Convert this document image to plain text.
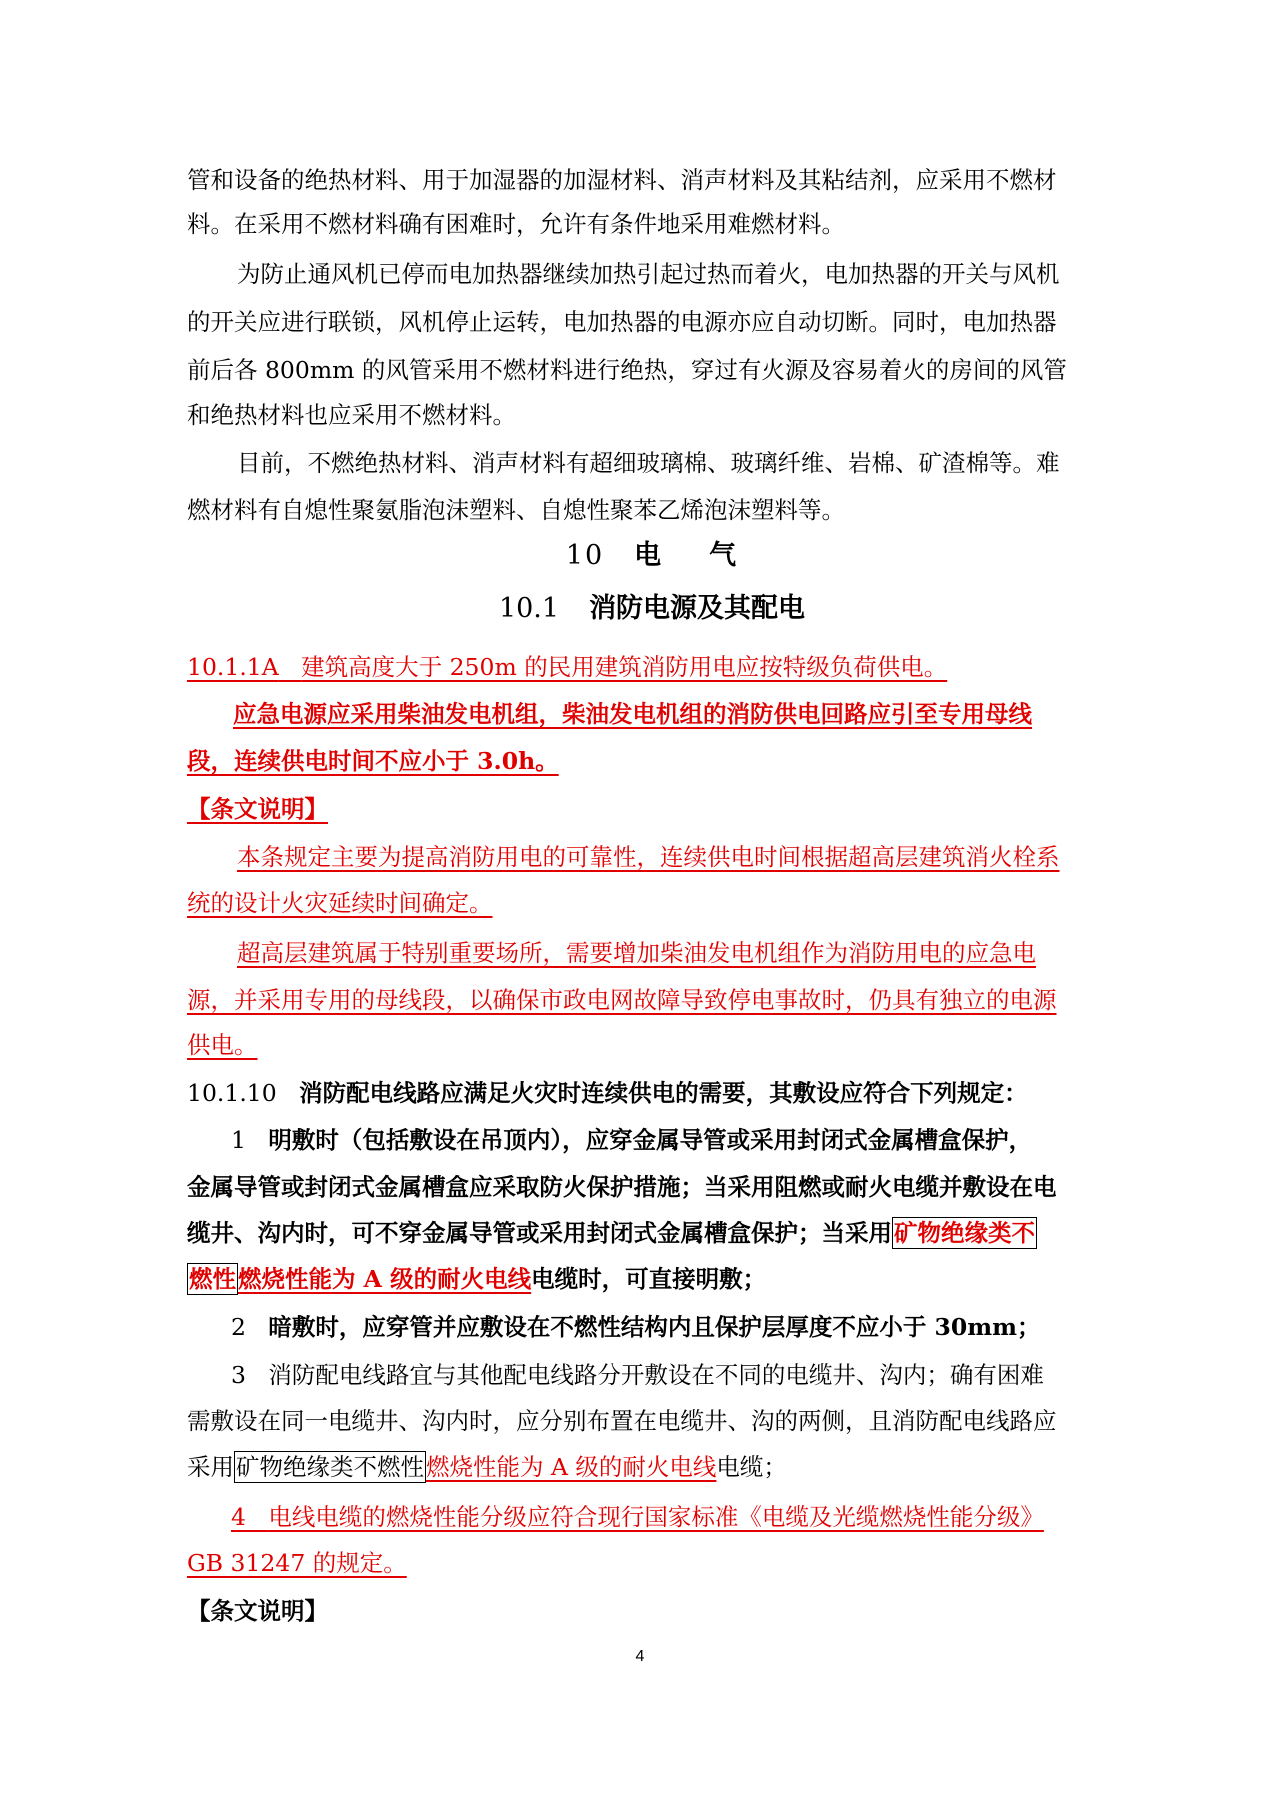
管和设备的绝热材料、用于加湿器的加湿材料、消声材料及其粘结剂，应采用不燃材
料。在采用不燃材料确有困难时，允许有条件地采用难燃材料。
为防止通风机已停而电加热器继续加热引起过热而着火，电加热器的开关与风机
的开关应进行联锁，风机停止运转，电加热器的电源亦应自动切断。同时，电加热器
前后各 800mm 的风管采用不燃材料进行绝热，穿过有火源及容易着火的房间的风管
和绝热材料也应采用不燃材料。
目前，不燃绝热材料、消声材料有超细玻璃棉、玻璃纤维、岩棉、矿渣棉等。难
燃材料有自熄性聚氨脂泡沫塑料、自熄性聚苯乙烯泡沫塑料等。
10 电 气
10.1 消防电源及其配电
10.1.1A 建筑高度大于 250m 的民用建筑消防用电应按特级负荷供电。
应急电源应采用柴油发电机组，柴油发电机组的消防供电回路应引至专用母线
段，连续供电时间不应小于 3.0h。
【条文说明】
本条规定主要为提高消防用电的可靠性，连续供电时间根据超高层建筑消火栓系
统的设计火灾延续时间确定。
超高层建筑属于特别重要场所，需要增加柴油发电机组作为消防用电的应急电
源，并采用专用的母线段，以确保市政电网故障导致停电事故时，仍具有独立的电源
供电。
10.1.10 消防配电线路应满足火灾时连续供电的需要，其敷设应符合下列规定：
1 明敷时（包括敷设在吊顶内），应穿金属导管或采用封闭式金属槽盒保护，
金属导管或封闭式金属槽盒应采取防火保护措施；当采用阻燃或耐火电缆并敷设在电
缆井、沟内时，可不穿金属导管或采用封闭式金属槽盒保护；当采用矿物绝缘类不
燃性燃烧性能为 A 级的耐火电线电缆时，可直接明敷；
2 暗敷时，应穿管并应敷设在不燃性结构内且保护层厚度不应小于 30mm；
3 消防配电线路宜与其他配电线路分开敷设在不同的电缆井、沟内；确有困难
需敷设在同一电缆井、沟内时，应分别布置在电缆井、沟的两侧，且消防配电线路应
采用矿物绝缘类不燃性燃烧性能为 A 级的耐火电线电缆；
4 电线电缆的燃烧性能分级应符合现行国家标准《电缆及光缆燃烧性能分级》
GB 31247 的规定。
【条文说明】
4
